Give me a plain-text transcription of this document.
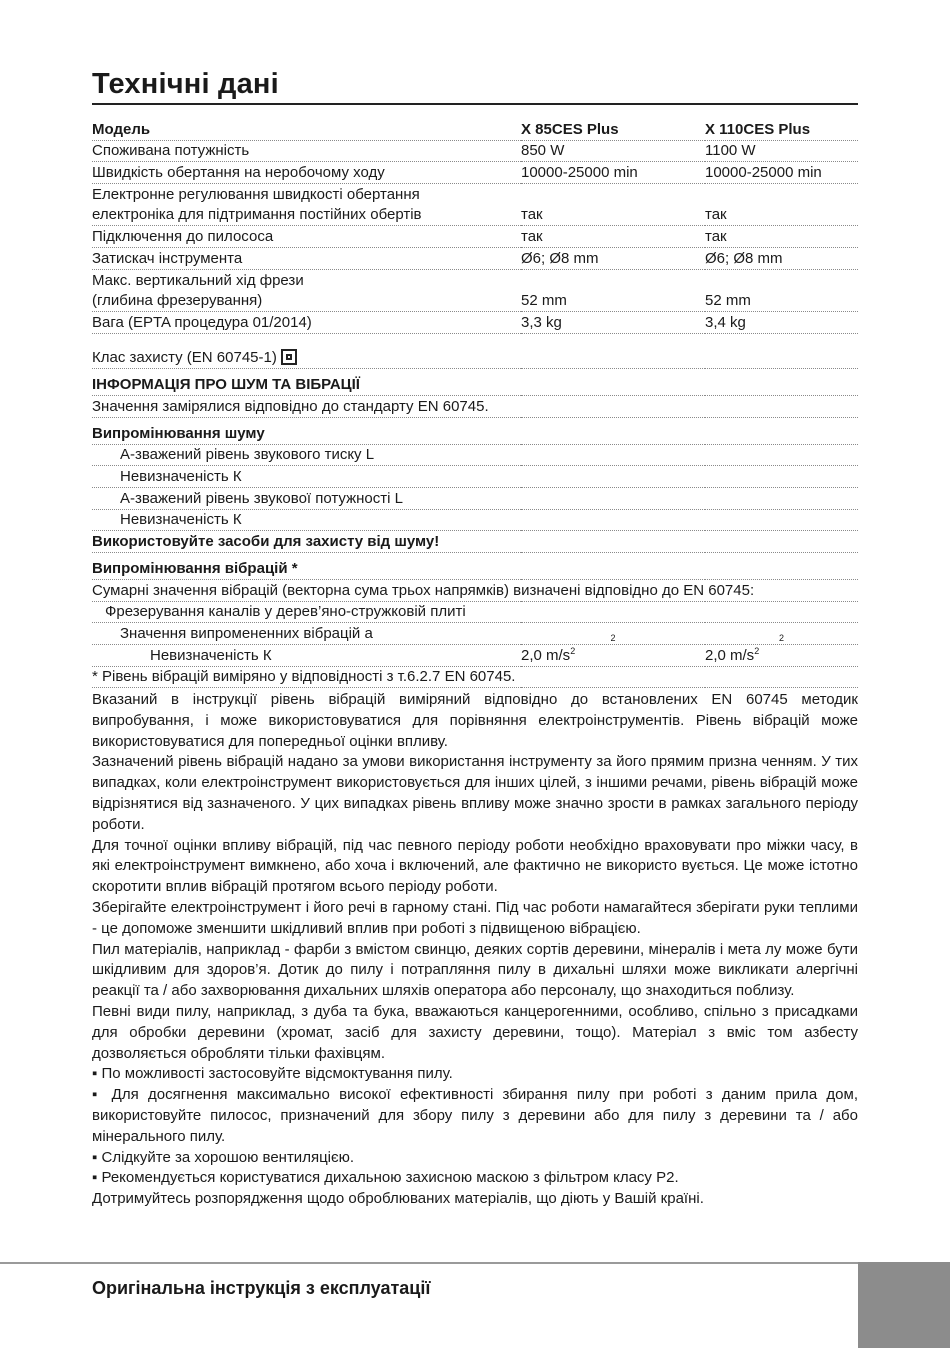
Технічні дані
Модель	X 85CES Plus	X 110CES Plus
Споживана потужність	850 W	1100 W
Швидкість обертання на неробочому ходу	10000-25000 min	10000-25000 min
Електронне регулювання швидкості обертання		
електроніка для підтримання постійних обертів	так	так
Підключення до пилососа	так	так
Затискач інструмента	Ø6; Ø8 mm	Ø6; Ø8 mm
Макс. вертикальний хід фрези		
(глибина фрезерування)	52 mm	52 mm
Вага (EPTA процедура 01/2014)	3,3 kg	3,4 kg
Клас захисту (EN 60745-1)

ІНФОРМАЦІЯ ПРО ШУМ ТА ВІБРАЦІЇ		
Значення замірялися відповідно до стандарту EN 60745.		
Випромінювання шуму		
А-зважений рівень звукового тиску L		
Невизначеність К		
А-зважений рівень звукової потужності L		
Невизначеність К		
Використовуйте засоби для захисту від шуму!		
Випромінювання вібрацій *		
Сумарні значення вібрацій (векторна сума трьох напрямків) визначені відповідно до EN 60745:		
Фрезерування каналів у дерев’яно-стружковій плиті		
Значення випромененних вібрацій a	2	2
Невизначеність К	2,0 $m/s^2$	2,0 $m/s^2$
* Рівень вібрацій виміряно у відповідності з т.6.2.7 EN 60745.		

Вказаний в інструкції рівень вібрацій виміряний відповідно до встановлених EN 60745 методик випробування, і може використовуватися для порівняння електроінструментів. Рівень вібрацій може використовуватися для попередньої оцінки впливу.

Зазначений рівень вібрацій надано за умови використання інструменту за його прямим призна ченням. У тих випадках, коли електроінструмент використовується для інших цілей, з іншими речами, рівень вібрацій може відрізнятися від зазначеного. У цих випадках рівень впливу може значно зрости в рамках загального періоду роботи.

Для точної оцінки впливу вібрацій, під час певного періоду роботи необхідно враховувати про міжки часу, в які електроінструмент вимкнено, або хоча і включений, але фактично не використо вується. Це може істотно скоротити вплив вібрацій протягом всього періоду роботи.

Зберігайте електроінструмент і його речі в гарному стані. Під час роботи намагайтеся зберігати руки теплими - це допоможе зменшити шкідливий вплив при роботі з підвищеною вібрацією.

Пил матеріалів, наприклад - фарби з вмістом свинцю, деяких сортів деревини, мінералів і мета лу може бути шкідливим для здоров’я. Дотик до пилу і потрапляння пилу в дихальні шляхи може викликати алергічні реакції та / або захворювання дихальних шляхів оператора або персоналу, що знаходиться поблизу.

Певні види пилу, наприклад, з дуба та бука, вважаються канцерогенними, особливо, спільно з присадками для обробки деревини (хромат, засіб для захисту деревини, тощо). Матеріал з вміс том азбесту дозволяється обробляти тільки фахівцям.

▪ По можливості застосовуйте відсмоктування пилу.

▪ Для досягнення максимально високої ефективності збирання пилу при роботі з даним прила дом, використовуйте пилосос, призначений для збору пилу з деревини або для пилу з деревини та / або мінерального пилу.

▪ Слідкуйте за хорошою вентиляцією.

▪ Рекомендується користуватися дихальною захисною маскою з фільтром класу P2.

Дотримуйтесь розпорядження щодо оброблюваних матеріалів, що діють у Вашій країні.

Оригінальна інструкція з експлуатації
